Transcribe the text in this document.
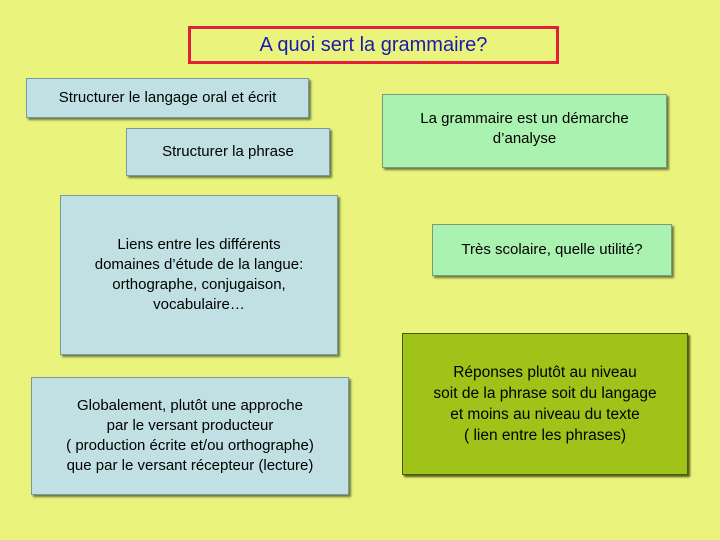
A quoi sert la grammaire?
Structurer le langage oral et écrit
Structurer la phrase
Liens entre les différents
domaines d’étude de la langue:
orthographe, conjugaison,
vocabulaire…
Globalement, plutôt une approche
par le versant producteur
( production écrite et/ou orthographe)
que par le versant récepteur (lecture)
La grammaire est un démarche
d’analyse
Très scolaire, quelle utilité?
Réponses plutôt au niveau
soit de la phrase soit du langage
et moins au niveau du texte
( lien entre les phrases)
